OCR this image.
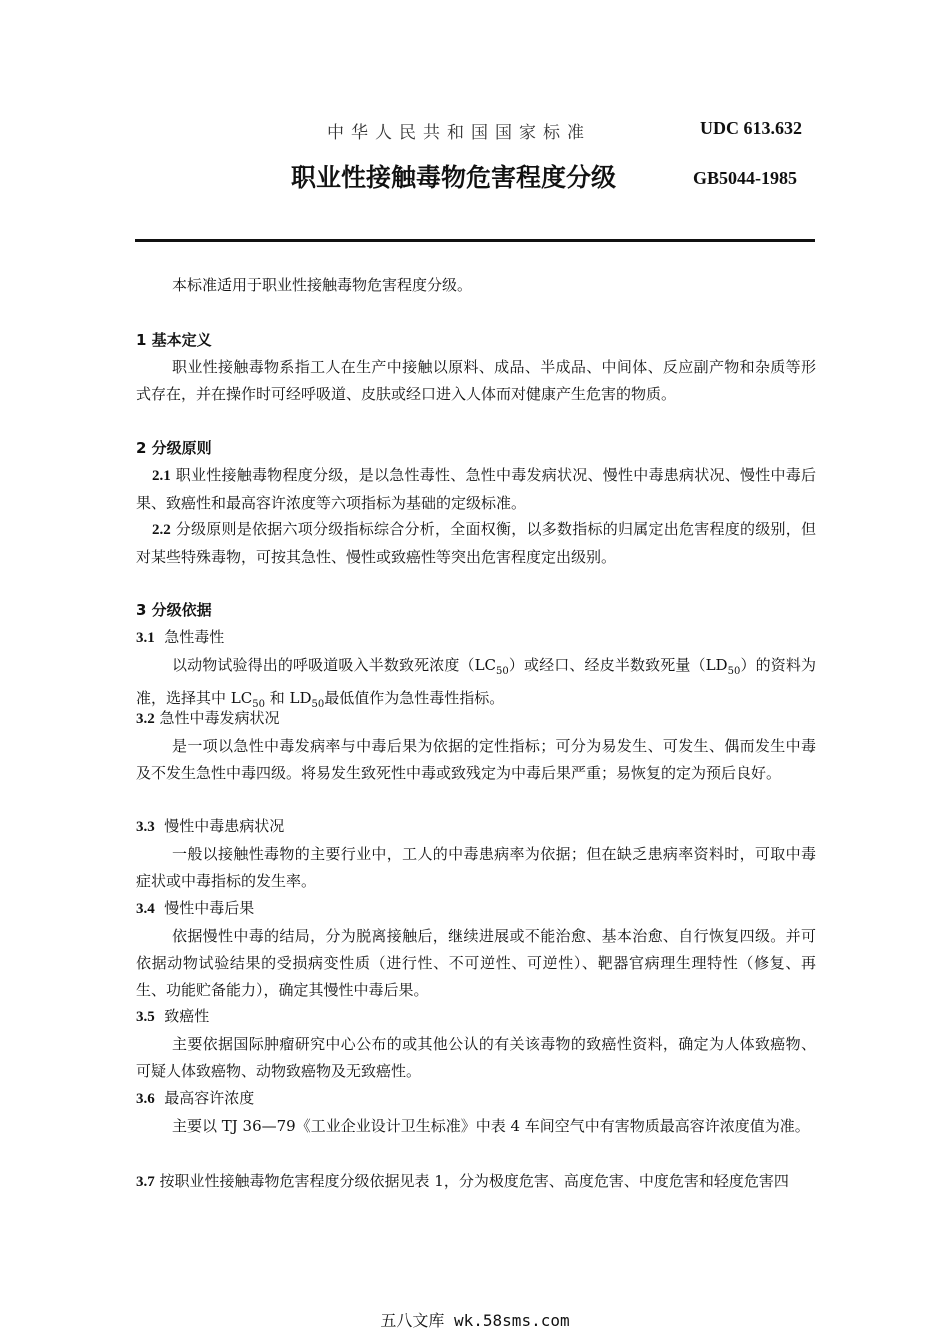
中华人民共和国国家标准	UDC 613.632
职业性接触毒物危害程度分级	GB5044-1985
本标准适用于职业性接触毒物危害程度分级。
1 基本定义
职业性接触毒物系指工人在生产中接触以原料、成品、半成品、中间体、反应副产物和杂质等形式存在，并在操作时可经呼吸道、皮肤或经口进入人体而对健康产生危害的物质。
2 分级原则
2.1 职业性接触毒物程度分级，是以急性毒性、急性中毒发病状况、慢性中毒患病状况、慢性中毒后果、致癌性和最高容许浓度等六项指标为基础的定级标准。
2.2 分级原则是依据六项分级指标综合分析，全面权衡，以多数指标的归属定出危害程度的级别，但对某些特殊毒物，可按其急性、慢性或致癌性等突出危害程度定出级别。
3 分级依据
3.1 急性毒性
以动物试验得出的呼吸道吸入半数致死浓度$(LC_{50})$或经口、经皮半数致死量$(LD_{50})$的资料为准，选择其中 $LC_{50}$ 和 $LD_{50}$最低值作为急性毒性指标。
3.2 急性中毒发病状况
是一项以急性中毒发病率与中毒后果为依据的定性指标；可分为易发生、可发生、偶而发生中毒及不发生急性中毒四级。将易发生致死性中毒或致残定为中毒后果严重；易恢复的定为预后良好。
3.3 慢性中毒患病状况
一般以接触性毒物的主要行业中，工人的中毒患病率为依据；但在缺乏患病率资料时，可取中毒症状或中毒指标的发生率。
3.4 慢性中毒后果
依据慢性中毒的结局，分为脱离接触后，继续进展或不能治愈、基本治愈、自行恢复四级。并可依据动物试验结果的受损病变性质（进行性、不可逆性、可逆性）、靶器官病理生理特性（修复、再生、功能贮备能力），确定其慢性中毒后果。
3.5 致癌性
主要依据国际肿瘤研究中心公布的或其他公认的有关该毒物的致癌性资料，确定为人体致癌物、可疑人体致癌物、动物致癌物及无致癌性。
3.6 最高容许浓度
主要以 TJ 36—79《工业企业设计卫生标准》中表 4 车间空气中有害物质最高容许浓度值为准。
3.7 按职业性接触毒物危害程度分级依据见表 1，分为极度危害、高度危害、中度危害和轻度危害四
五八文库 wk.58sms.com
